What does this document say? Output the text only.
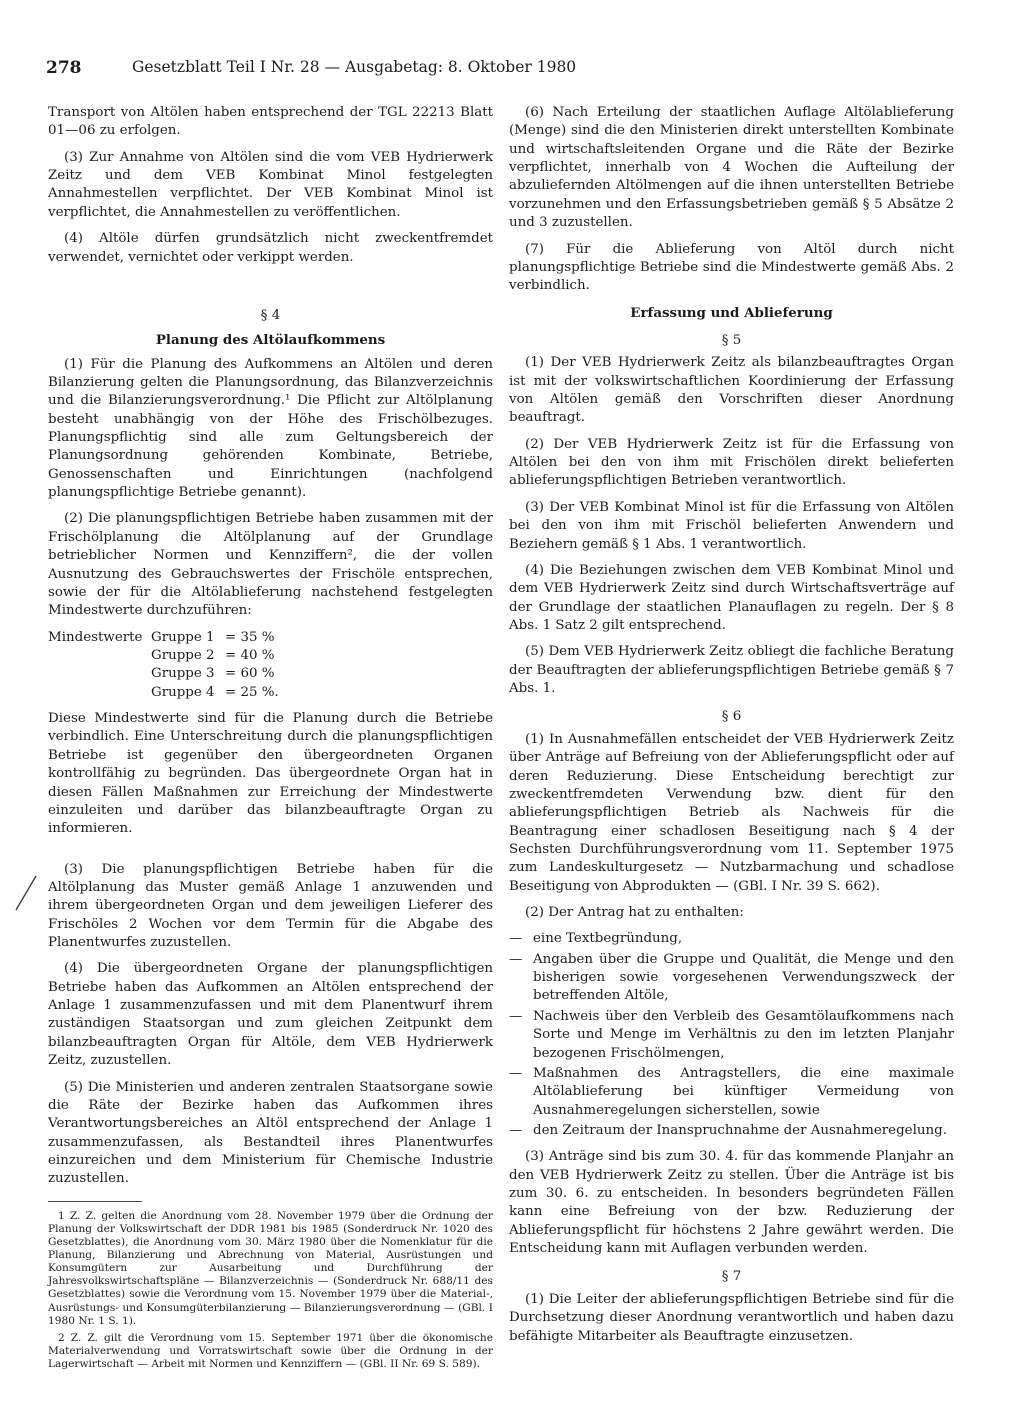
278	Gesetzblatt Teil I Nr. 28 — Ausgabetag: 8. Oktober 1980

Transport von Altölen haben entsprechend der TGL 22213 Blatt 01—06 zu erfolgen.

(3) Zur Annahme von Altölen sind die vom VEB Hydrierwerk Zeitz und dem VEB Kombinat Minol festgelegten Annahmestellen verpflichtet. Der VEB Kombinat Minol ist verpflichtet, die Annahmestellen zu veröffentlichen.

(4) Altöle dürfen grundsätzlich nicht zweckentfremdet verwendet, vernichtet oder verkippt werden.

§ 4
Planung des Altölaufkommens

(1) Für die Planung des Aufkommens an Altölen und deren Bilanzierung gelten die Planungsordnung, das Bilanzverzeichnis und die Bilanzierungsverordnung.¹ Die Pflicht zur Altölplanung besteht unabhängig von der Höhe des Frischölbezuges. Planungspflichtig sind alle zum Geltungsbereich der Planungsordnung gehörenden Kombinate, Betriebe, Genossenschaften und Einrichtungen (nachfolgend planungspflichtige Betriebe genannt).

(2) Die planungspflichtigen Betriebe haben zusammen mit der Frischölplanung die Altölplanung auf der Grundlage betrieblicher Normen und Kennziffern², die der vollen Ausnutzung des Gebrauchswertes der Frischöle entsprechen, sowie der für die Altölablieferung nachstehend festgelegten Mindestwerte durchzuführen:

Mindestwerte Gruppe 1 = 35 %
Gruppe 2 = 40 %
Gruppe 3 = 60 %
Gruppe 4 = 25 %.

Diese Mindestwerte sind für die Planung durch die Betriebe verbindlich. Eine Unterschreitung durch die planungspflichtigen Betriebe ist gegenüber den übergeordneten Organen kontrollfähig zu begründen. Das übergeordnete Organ hat in diesen Fällen Maßnahmen zur Erreichung der Mindestwerte einzuleiten und darüber das bilanzbeauftragte Organ zu informieren.

(3) Die planungspflichtigen Betriebe haben für die Altölplanung das Muster gemäß Anlage 1 anzuwenden und ihrem übergeordneten Organ und dem jeweiligen Lieferer des Frischöles 2 Wochen vor dem Termin für die Abgabe des Planentwurfes zuzustellen.

(4) Die übergeordneten Organe der planungspflichtigen Betriebe haben das Aufkommen an Altölen entsprechend der Anlage 1 zusammenzufassen und mit dem Planentwurf ihrem zuständigen Staatsorgan und zum gleichen Zeitpunkt dem bilanzbeauftragten Organ für Altöle, dem VEB Hydrierwerk Zeitz, zuzustellen.

(5) Die Ministerien und anderen zentralen Staatsorgane sowie die Räte der Bezirke haben das Aufkommen ihres Verantwortungsbereiches an Altöl entsprechend der Anlage 1 zusammenzufassen, als Bestandteil ihres Planentwurfes einzureichen und dem Ministerium für Chemische Industrie zuzustellen.

1 Z. Z. gelten die Anordnung vom 28. November 1979 über die Ordnung der Planung der Volkswirtschaft der DDR 1981 bis 1985 (Sonderdruck Nr. 1020 des Gesetzblattes), die Anordnung vom 30. März 1980 über die Nomenklatur für die Planung, Bilanzierung und Abrechnung von Material, Ausrüstungen und Konsumgütern zur Ausarbeitung und Durchführung der Jahresvolkswirtschaftspläne — Bilanzverzeichnis — (Sonderdruck Nr. 688/11 des Gesetzblattes) sowie die Verordnung vom 15. November 1979 über die Material-, Ausrüstungs- und Konsumgüterbilanzierung — Bilanzierungsverordnung — (GBl. I 1980 Nr. 1 S. 1).

2 Z. Z. gilt die Verordnung vom 15. September 1971 über die ökonomische Materialverwendung und Vorratswirtschaft sowie über die Ordnung in der Lagerwirtschaft — Arbeit mit Normen und Kennziffern — (GBl. II Nr. 69 S. 589).

(6) Nach Erteilung der staatlichen Auflage Altölablieferung (Menge) sind die den Ministerien direkt unterstellten Kombinate und wirtschaftsleitenden Organe und die Räte der Bezirke verpflichtet, innerhalb von 4 Wochen die Aufteilung der abzuliefernden Altölmengen auf die ihnen unterstellten Betriebe vorzunehmen und den Erfassungsbetrieben gemäß § 5 Absätze 2 und 3 zuzustellen.

(7) Für die Ablieferung von Altöl durch nicht planungspflichtige Betriebe sind die Mindestwerte gemäß Abs. 2 verbindlich.

Erfassung und Ablieferung
§ 5

(1) Der VEB Hydrierwerk Zeitz als bilanzbeauftragtes Organ ist mit der volkswirtschaftlichen Koordinierung der Erfassung von Altölen gemäß den Vorschriften dieser Anordnung beauftragt.

(2) Der VEB Hydrierwerk Zeitz ist für die Erfassung von Altölen bei den von ihm mit Frischölen direkt belieferten ablieferungspflichtigen Betrieben verantwortlich.

(3) Der VEB Kombinat Minol ist für die Erfassung von Altölen bei den von ihm mit Frischöl belieferten Anwendern und Beziehern gemäß § 1 Abs. 1 verantwortlich.

(4) Die Beziehungen zwischen dem VEB Kombinat Minol und dem VEB Hydrierwerk Zeitz sind durch Wirtschaftsverträge auf der Grundlage der staatlichen Planauflagen zu regeln. Der § 8 Abs. 1 Satz 2 gilt entsprechend.

(5) Dem VEB Hydrierwerk Zeitz obliegt die fachliche Beratung der Beauftragten der ablieferungspflichtigen Betriebe gemäß § 7 Abs. 1.

§ 6

(1) In Ausnahmefällen entscheidet der VEB Hydrierwerk Zeitz über Anträge auf Befreiung von der Ablieferungspflicht oder auf deren Reduzierung. Diese Entscheidung berechtigt zur zweckentfremdeten Verwendung bzw. dient für den ablieferungspflichtigen Betrieb als Nachweis für die Beantragung einer schadlosen Beseitigung nach § 4 der Sechsten Durchführungsverordnung vom 11. September 1975 zum Landeskulturgesetz — Nutzbarmachung und schadlose Beseitigung von Abprodukten — (GBl. I Nr. 39 S. 662).

(2) Der Antrag hat zu enthalten:

— eine Textbegründung,
— Angaben über die Gruppe und Qualität, die Menge und den bisherigen sowie vorgesehenen Verwendungszweck der betreffenden Altöle,
— Nachweis über den Verbleib des Gesamtölaufkommens nach Sorte und Menge im Verhältnis zu den im letzten Planjahr bezogenen Frischölmengen,
— Maßnahmen des Antragstellers, die eine maximale Altölablieferung bei künftiger Vermeidung von Ausnahmeregelungen sicherstellen, sowie
— den Zeitraum der Inanspruchnahme der Ausnahmeregelung.

(3) Anträge sind bis zum 30. 4. für das kommende Planjahr an den VEB Hydrierwerk Zeitz zu stellen. Über die Anträge ist bis zum 30. 6. zu entscheiden. In besonders begründeten Fällen kann eine Befreiung von der bzw. Reduzierung der Ablieferungspflicht für höchstens 2 Jahre gewährt werden. Die Entscheidung kann mit Auflagen verbunden werden.

§ 7

(1) Die Leiter der ablieferungspflichtigen Betriebe sind für die Durchsetzung dieser Anordnung verantwortlich und haben dazu befähigte Mitarbeiter als Beauftragte einzusetzen.
